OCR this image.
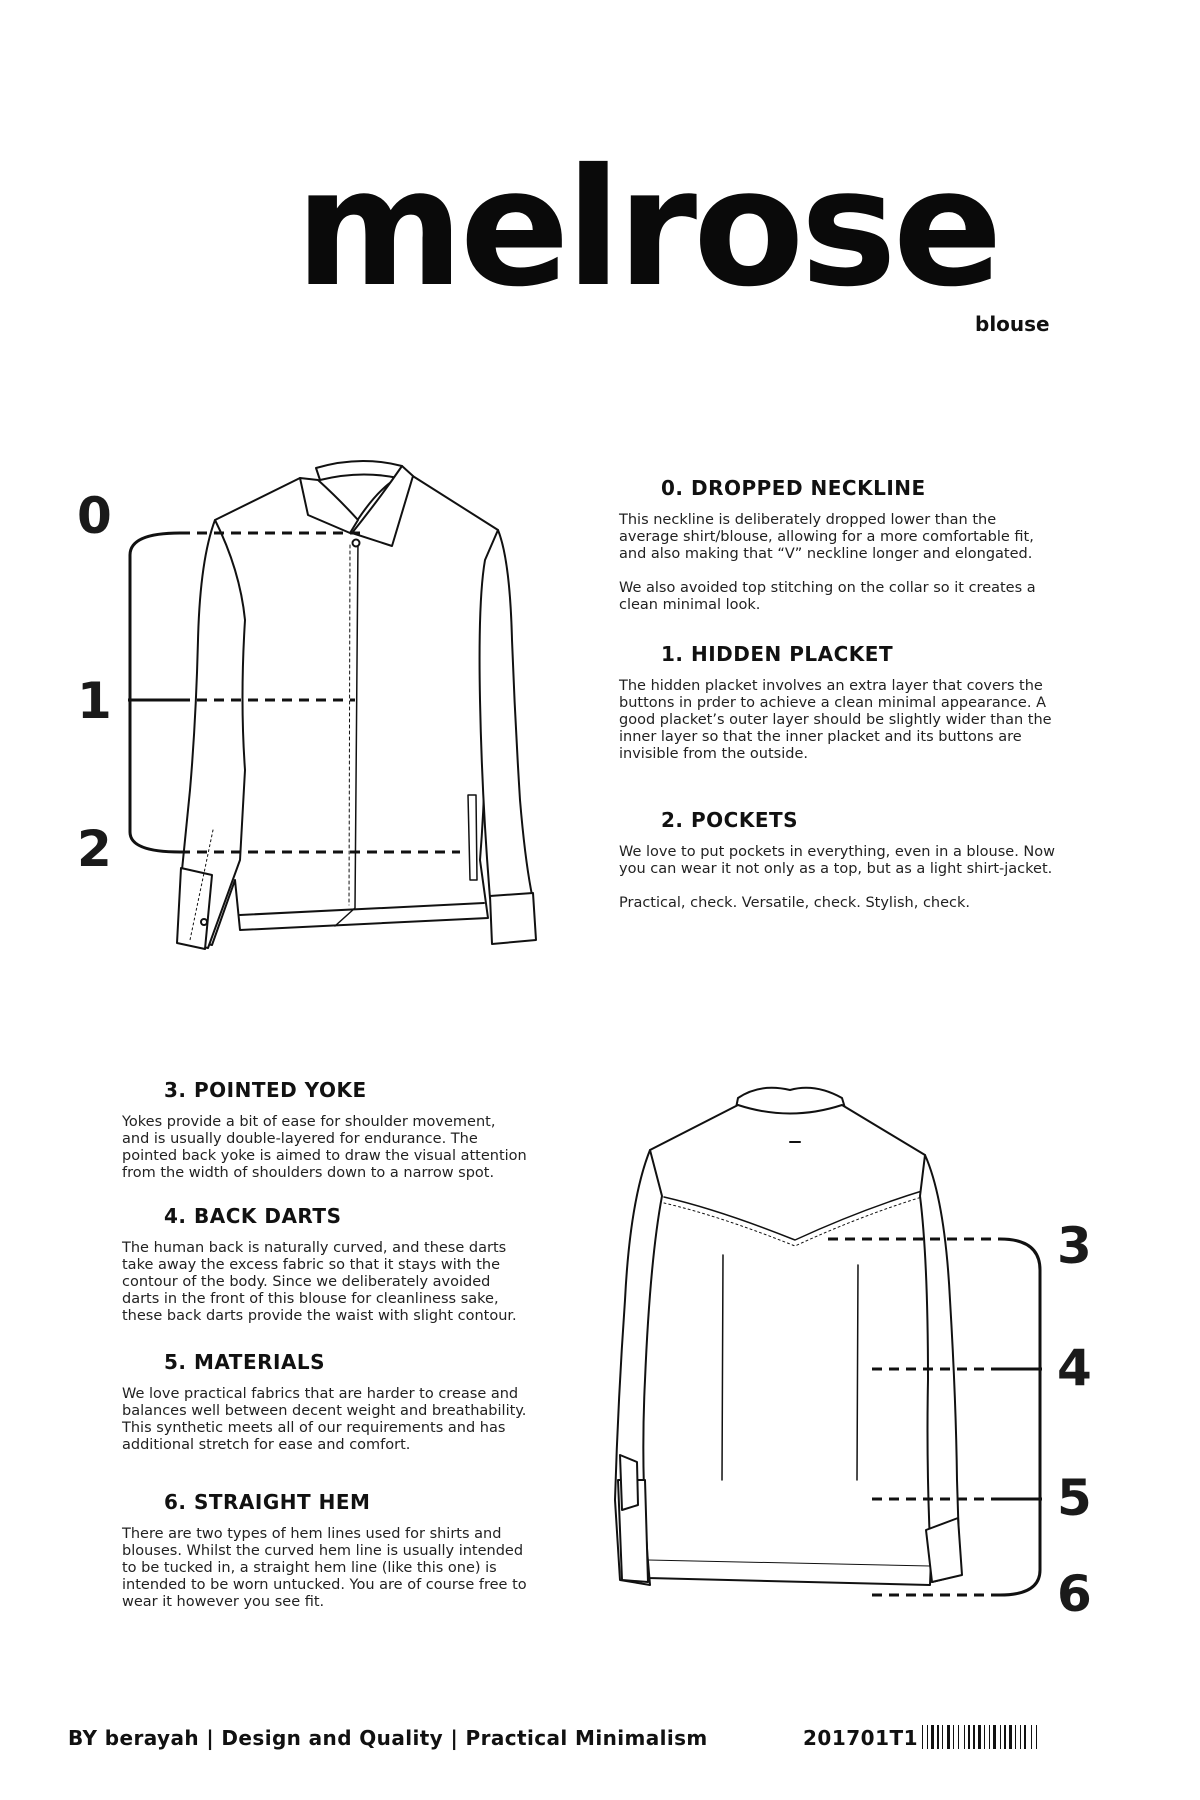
melrose
blouse
0
1
2
3
4
5
6
0. DROPPED NECKLINE

This neckline is deliberately dropped lower than the
average shirt/blouse, allowing for a more comfortable fit,
and also making that “V” neckline longer and elongated.

We also avoided top stitching on the collar so it creates a
clean minimal look.

1. HIDDEN PLACKET

The hidden placket involves an extra layer that covers the
buttons in prder to achieve a clean minimal appearance. A
good placket’s outer layer should be slightly wider than the
inner layer so that the inner placket and its buttons are
invisible from the outside.

2. POCKETS

We love to put pockets in everything, even in a blouse. Now
you can wear it not only as a top, but as a light shirt-jacket.

Practical, check. Versatile, check. Stylish, check.

3. POINTED YOKE

Yokes provide a bit of ease for shoulder movement,
and is usually double-layered for endurance. The
pointed back yoke is aimed to draw the visual attention
from the width of shoulders down to a narrow spot.

4. BACK DARTS

The human back is naturally curved, and these darts
take away the excess fabric so that it stays with the
contour of the body. Since we deliberately avoided
darts in the front of this blouse for cleanliness sake,
these back darts provide the waist with slight contour.

5. MATERIALS

We love practical fabrics that are harder to crease and
balances well between decent weight and breathability.
This synthetic meets all of our requirements and has
additional stretch for ease and comfort.

6. STRAIGHT HEM

There are two types of hem lines used for shirts and
blouses. Whilst the curved hem line is usually intended
to be tucked in, a straight hem line (like this one) is
intended to be worn untucked. You are of course free to
wear it however you see fit.

BY berayah | Design and Quality | Practical Minimalism	201701T1
